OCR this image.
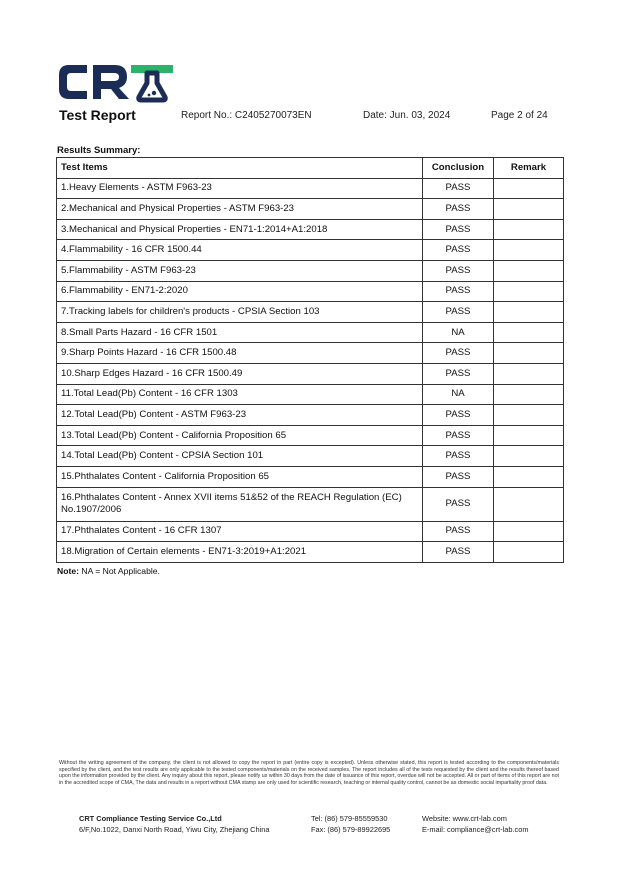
Test Report	Report No.: C2405270073EN	Date: Jun. 03, 2024	Page 2 of 24
Results Summary:
Test Items	Conclusion	Remark
1.Heavy Elements - ASTM F963-23	PASS	
2.Mechanical and Physical Properties - ASTM F963-23	PASS	
3.Mechanical and Physical Properties - EN71-1:2014+A1:2018	PASS	
4.Flammability - 16 CFR 1500.44	PASS	
5.Flammability - ASTM F963-23	PASS	
6.Flammability - EN71-2:2020	PASS	
7.Tracking labels for children's products - CPSIA Section 103	PASS	
8.Small Parts Hazard - 16 CFR 1501	NA	
9.Sharp Points Hazard - 16 CFR 1500.48	PASS	
10.Sharp Edges Hazard - 16 CFR 1500.49	PASS	
11.Total Lead(Pb) Content - 16 CFR 1303	NA	
12.Total Lead(Pb) Content - ASTM F963-23	PASS	
13.Total Lead(Pb) Content - California Proposition 65	PASS	
14.Total Lead(Pb) Content - CPSIA Section 101	PASS	
15.Phthalates Content - California Proposition 65	PASS	
16.Phthalates Content - Annex XVII items 51&52 of the REACH Regulation (EC) No.1907/2006	PASS	
17.Phthalates Content - 16 CFR 1307	PASS	
18.Migration of Certain elements - EN71-3:2019+A1:2021	PASS	
Note: NA = Not Applicable.
Without the writing agreement of the company, the client is not allowed to copy the report in part (entire copy is excepted). Unless otherwise stated, this report is tested according to the components/materials specified by the client, and the test results are only applicable to the tested components/materials on the received samples. The report includes all of the tests requested by the client and the results thereof based upon the information provided by the client. Any inquiry about this report, please notify us within 30 days from the date of issuance of this report, overdue will not be accepted. All or part of items of this report are not in the accredited scope of CMA, The data and results in a report without CMA stamp are only used for scientific research, teaching or internal quality control, cannot be as domestic social impartiality proof data.
CRT Compliance Testing Service Co.,Ltd
6/F,No.1022, Danxi North Road, Yiwu City, Zhejiang China
Tel: (86) 579-85559530
Fax: (86) 579-89922695
Website: www.crt-lab.com
E-mail: compliance@crt-lab.com
